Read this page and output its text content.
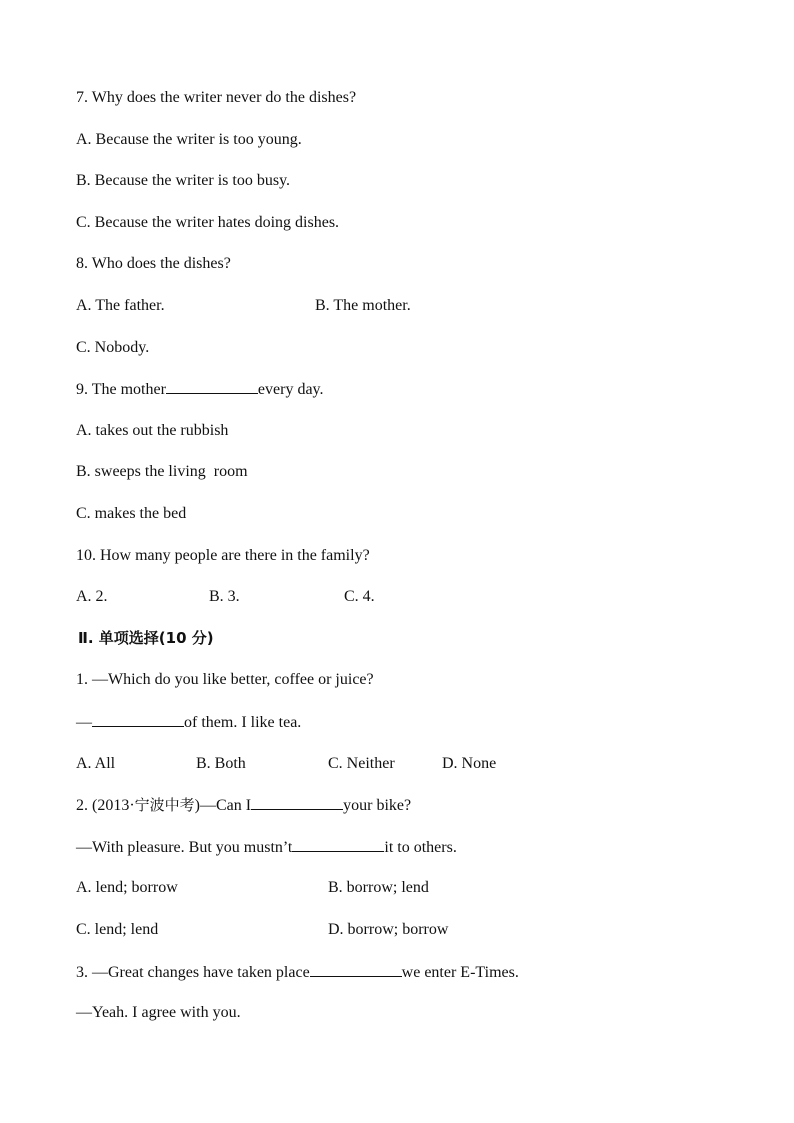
7. Why does the writer never do the dishes?
A. Because the writer is too young.
B. Because the writer is too busy.
C. Because the writer hates doing dishes.
8. Who does the dishes?
A. The father.	B. The mother.
C. Nobody.
9. The mother	every day.
A. takes out the rubbish
B. sweeps the living  room
C. makes the bed
10. How many people are there in the family?
A. 2.	B. 3.	C. 4.
Ⅱ. 单项选择(10 分)
1. —Which do you like better, coffee or juice?
—	of them. I like tea.
A. All	B. Both	C. Neither	D. None
2. (2013·宁波中考)—Can I	your bike?
—With pleasure. But you mustn’t	it to others.
A. lend; borrow	B. borrow; lend
C. lend; lend	D. borrow; borrow
3. —Great changes have taken place	we enter E-Times.
—Yeah. I agree with you.
